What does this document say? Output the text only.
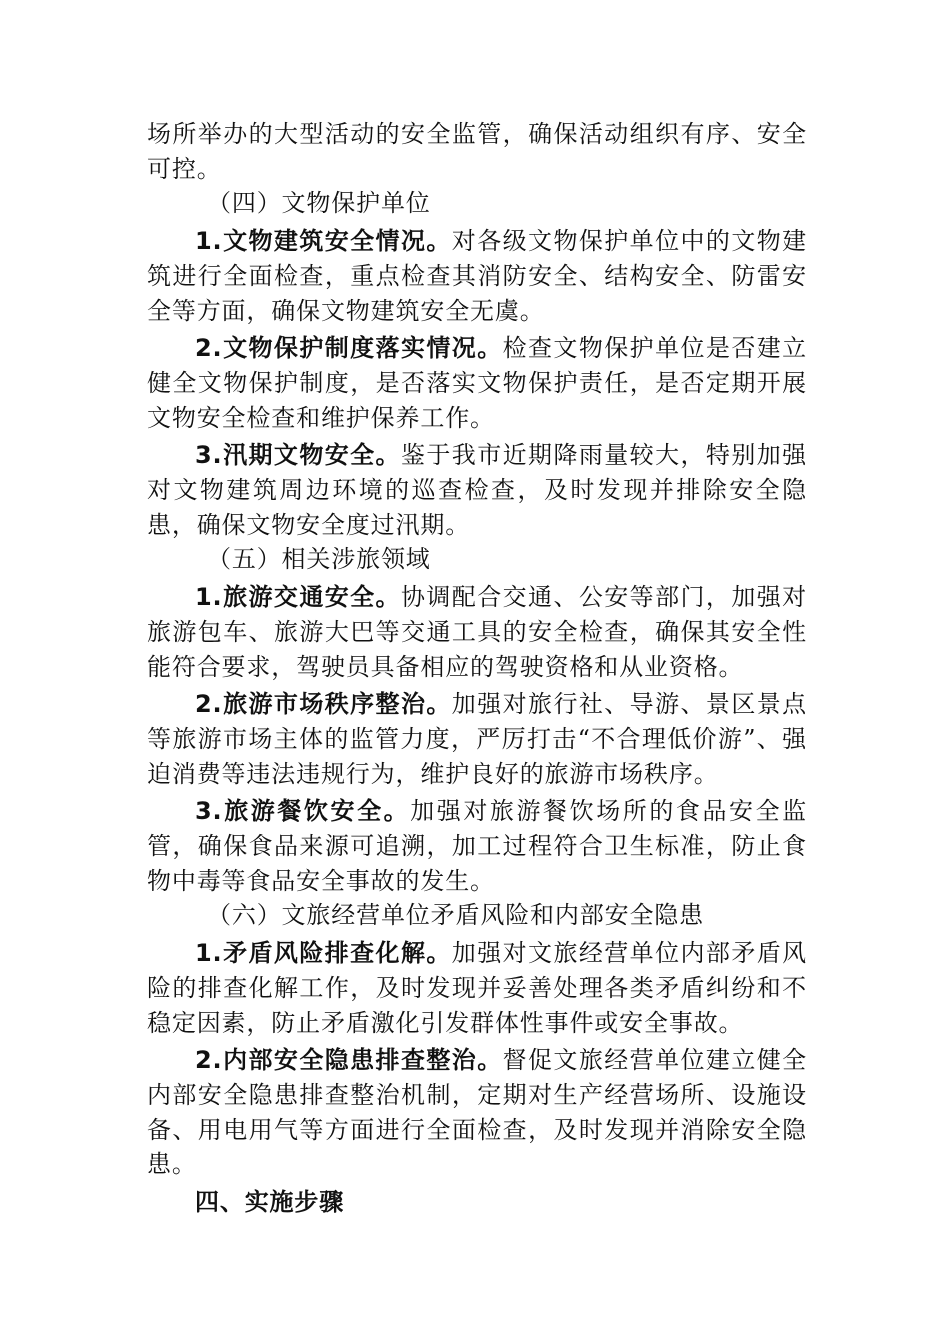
场所举办的大型活动的安全监管，确保活动组织有序、安全可控。

（四）文物保护单位

1.文物建筑安全情况。对各级文物保护单位中的文物建筑进行全面检查，重点检查其消防安全、结构安全、防雷安全等方面，确保文物建筑安全无虞。

2.文物保护制度落实情况。检查文物保护单位是否建立健全文物保护制度，是否落实文物保护责任，是否定期开展文物安全检查和维护保养工作。

3.汛期文物安全。鉴于我市近期降雨量较大，特别加强对文物建筑周边环境的巡查检查，及时发现并排除安全隐患，确保文物安全度过汛期。

（五）相关涉旅领域

1.旅游交通安全。协调配合交通、公安等部门，加强对旅游包车、旅游大巴等交通工具的安全检查，确保其安全性能符合要求，驾驶员具备相应的驾驶资格和从业资格。

2.旅游市场秩序整治。加强对旅行社、导游、景区景点等旅游市场主体的监管力度，严厉打击“不合理低价游”、强迫消费等违法违规行为，维护良好的旅游市场秩序。

3.旅游餐饮安全。加强对旅游餐饮场所的食品安全监管，确保食品来源可追溯，加工过程符合卫生标准，防止食物中毒等食品安全事故的发生。

（六）文旅经营单位矛盾风险和内部安全隐患

1.矛盾风险排查化解。加强对文旅经营单位内部矛盾风险的排查化解工作，及时发现并妥善处理各类矛盾纠纷和不稳定因素，防止矛盾激化引发群体性事件或安全事故。

2.内部安全隐患排查整治。督促文旅经营单位建立健全内部安全隐患排查整治机制，定期对生产经营场所、设施设备、用电用气等方面进行全面检查，及时发现并消除安全隐患。

四、实施步骤
